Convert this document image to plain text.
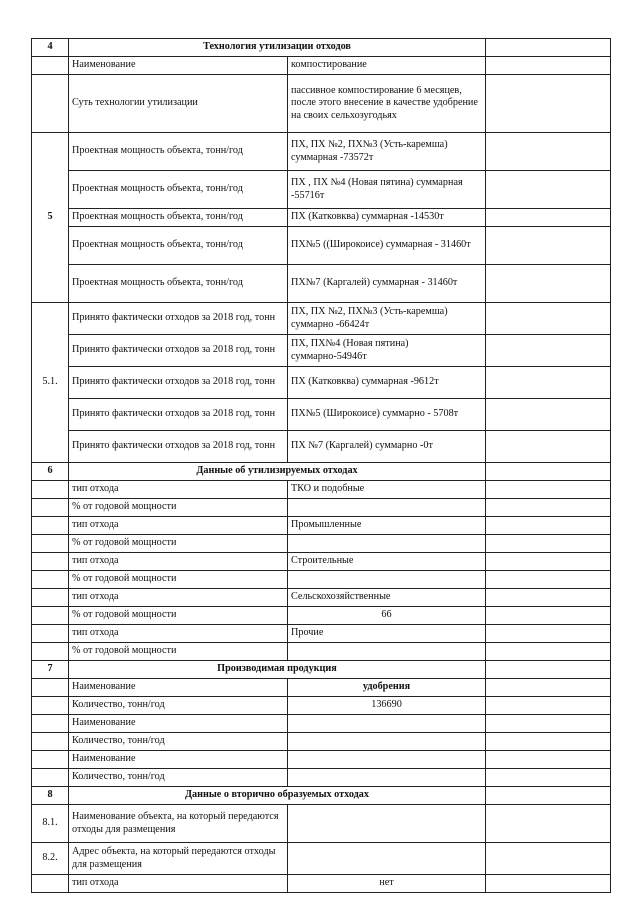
4	Технология утилизации отходов		
	Наименование	компостирование	
	Суть технологии утилизации	пассивное компостирование 6 месяцев, после этого внесение в качестве удобрение на своих сельхозугодьях	
5	Проектная мощность объекта, тонн/год	ПХ, ПХ №2, ПХ№3 (Усть-каремша) суммарная -73572т	
	Проектная мощность объекта, тонн/год	ПХ , ПХ №4 (Новая пятина) суммарная -55716т	
	Проектная мощность объекта, тонн/год	ПХ (Катковква) суммарная -14530т	
	Проектная мощность объекта, тонн/год	ПХ№5 ((Широкоисе) суммарная - 31460т	
	Проектная мощность объекта, тонн/год	ПХ№7 (Каргалей) суммарная - 31460т	
5.1.	Принято фактически отходов за 2018 год, тонн	ПХ, ПХ №2, ПХ№3 (Усть-каремша) суммарно -66424т	
	Принято фактически отходов за 2018 год, тонн	ПХ, ПХ№4 (Новая пятина) суммарно-54946т	
	Принято фактически отходов за 2018 год, тонн	ПХ (Катковква) суммарная -9612т	
	Принято фактически отходов за 2018 год, тонн	ПХ№5 (Широкоисе) суммарно - 5708т	
	Принято фактически отходов за 2018 год, тонн	ПХ №7 (Каргалей) суммарно -0т	
6	Данные об утилизируемых отходах		
	тип отхода	ТКО и подобные	
	% от годовой мощности		
	тип отхода	Промышленные	
	% от годовой мощности		
	тип отхода	Строительные	
	% от годовой мощности		
	тип отхода	Сельскохозяйственные	
	% от годовой мощности	66	
	тип отхода	Прочие	
	% от годовой мощности		
7	Производимая продукция		
	Наименование	удобрения	
	Количество, тонн/год	136690	
	Наименование		
	Количество, тонн/год		
	Наименование		
	Количество, тонн/год		
8	Данные о вторично образуемых отходах		
8.1.	Наименование объекта, на который передаются отходы для размещения		
8.2.	Адрес объекта, на который передаются отходы для размещения		
	тип отхода	нет	
